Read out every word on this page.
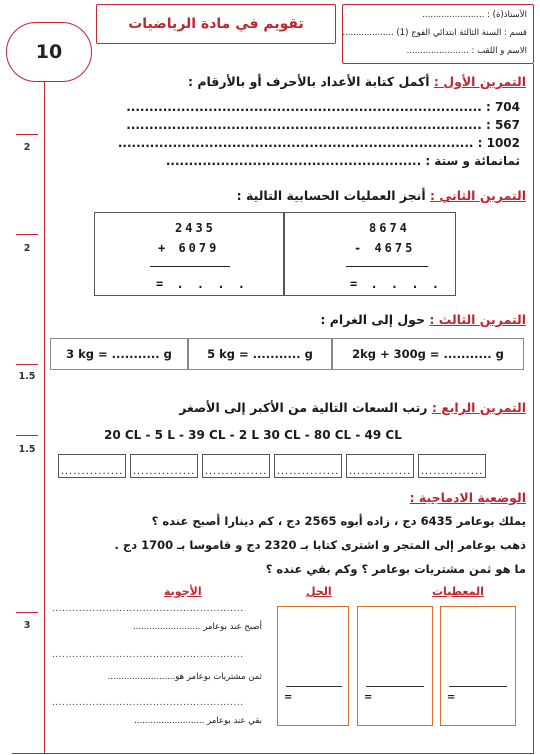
الأستاذ(ة) : .......................
قسم : السنة الثالثة ابتدائي الفوج (1) ...................
الاسم و اللقب : .......................
تقويم في مادة الرياضيات
10
2
2
1.5
1.5
3
التمرين الأول : أكمل كتابة الأعداد بالأحرف أو بالأرقام :
.............................................................................. : 704
.............................................................................. : 567
.............................................................................. : 1002
ثمانمائة و ستة : ........................................................
التمرين الثاني : أنجز العمليات الحسابية التالية :
2435
+ 6079
= . . . .
8674
- 4675
= . . . .
التمرين الثالث : حول إلى الغرام :
3 kg = ........... g	5 kg = ........... g	2kg + 300g = ........... g
التمرين الرابع : رتب السعات التالية من الأكبر إلى الأصغر
20 CL - 5 L - 39 CL - 2 L 30 CL - 80 CL - 49 CL
............... ............... ............... ............... ............... ...............
الوضعية الادماجية :
يملك بوعامر 6435 دج ، زاده أبوه 2565 دج ، كم دينارا أصبح عنده ؟
ذهب بوعامر إلى المتجر و اشترى كتابا بـ 2320 دج و قاموسا بـ 1700 دج .
ما هو ثمن مشتريات بوعامر ؟ وكم بقي عنده ؟
المعطيات
الحل
الأجوبة
=	=	=
.........................................................
أصبح عند بوعامر .........................
.........................................................
ثمن مشتريات بوعامر هو.........................
.........................................................
بقي عند بوعامر ..........................
